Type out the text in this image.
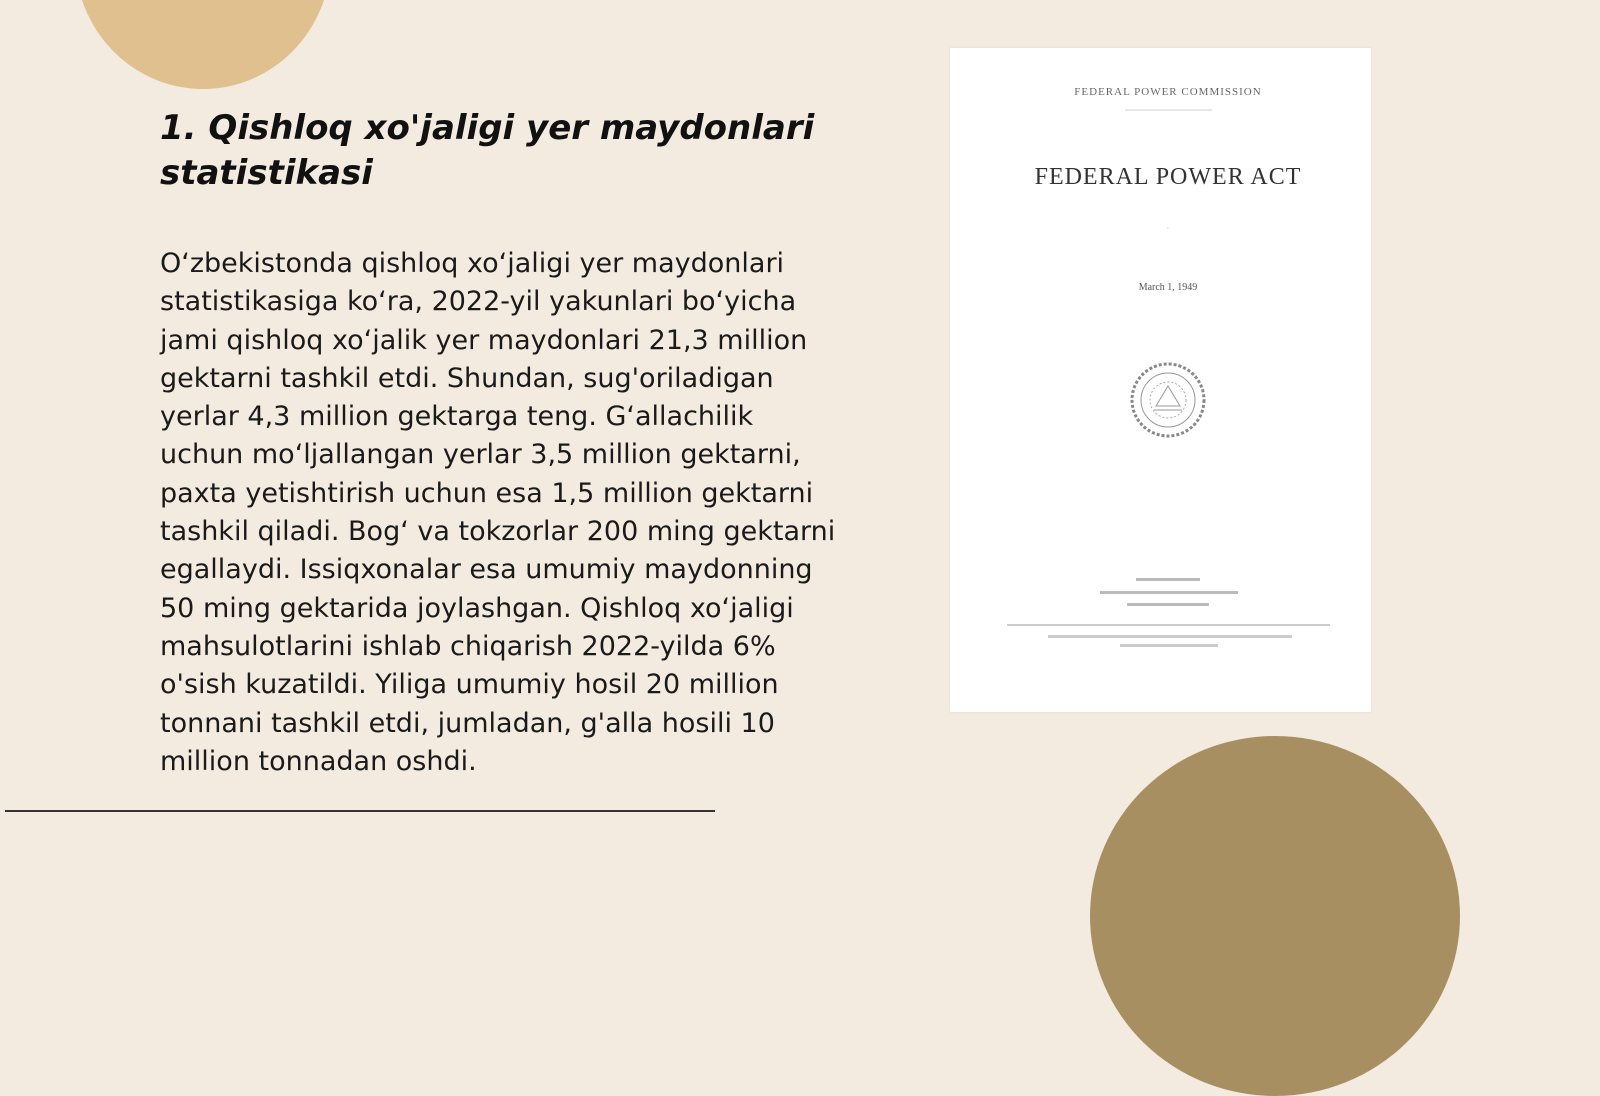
1. Qishloq xo'jaligi yer maydonlari statistikasi

O‘zbekistonda qishloq xo‘jaligi yer maydonlari statistikasiga ko‘ra, 2022-yil yakunlari bo‘yicha jami qishloq xo‘jalik yer maydonlari 21,3 million gektarni tashkil etdi. Shundan, sug'oriladigan yerlar 4,3 million gektarga teng. G‘allachilik uchun mo‘ljallangan yerlar 3,5 million gektarni, paxta yetishtirish uchun esa 1,5 million gektarni tashkil qiladi. Bog‘ va tokzorlar 200 ming gektarni egallaydi. Issiqxonalar esa umumiy maydonning 50 ming gektarida joylashgan. Qishloq xo‘jaligi mahsulotlarini ishlab chiqarish 2022-yilda 6% o'sish kuzatildi. Yiliga umumiy hosil 20 million tonnani tashkil etdi, jumladan, g'alla hosili 10 million tonnadan oshdi.

FEDERAL POWER COMMISSION
FEDERAL POWER ACT
·
March 1, 1949
